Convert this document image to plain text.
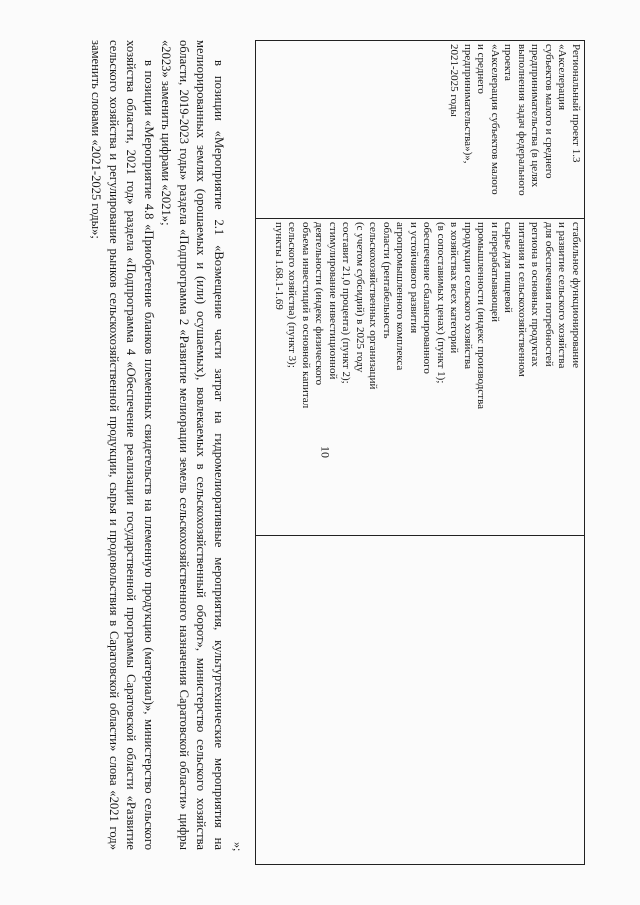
10

Региональный проект 1.3 «Акселерация

субъектов малого и среднего

предпринимательства (в целях

выполнения задач федерального проекта

«Акселерация субъектов малого

и среднего предпринимательства»)»,

2021-2025 годы

стабильное функционирование

и развитие сельского хозяйства

для обеспечения потребностей

региона в основных продуктах

питания и сельскохозяйственном

сырье для пищевой

и перерабатывающей

промышленности (индекс производства

продукции сельского хозяйства

в хозяйствах всех категорий

(в сопоставимых ценах) (пункт 1);

обеспечение сбалансированного

и устойчивого развития

агропромышленного комплекса

области (рентабельность

сельскохозяйственных организаций

(с учетом субсидий) в 2025 году

составит 21,0 процента) (пункт 2);

стимулирование инвестиционной

деятельности (индекс физического

объема инвестиций в основной капитал

сельского хозяйства) (пункт 3);

пункты 1.68.1-1.69

»;

в позиции «Мероприятие 2.1 «Возмещение части затрат на гидромелиоративные мероприятия, культуртехнические мероприятия на мелиорированных землях (орошаемых и (или) осушаемых), вовлекаемых в сельскохозяйственный оборот», министерство сельского хозяйства области, 2019-2023 годы» раздела «Подпрограмма 2 «Развитие мелиорации земель сельскохозяйственного назначения Саратовской области» цифры «2023» заменить цифрами «2021»;

в позиции «Мероприятие 4.8 «Приобретение бланков племенных свидетельств на племенную продукцию (материал)», министерство сельского хозяйства области, 2021 год» раздела «Подпрограмма 4 «Обеспечение реализации государственной программы Саратовской области «Развитие сельского хозяйства и регулирование рынков сельскохозяйственной продукции, сырья и продовольствия в Саратовской области» слова «2021 год» заменить словами «2021-2025 годы»;
